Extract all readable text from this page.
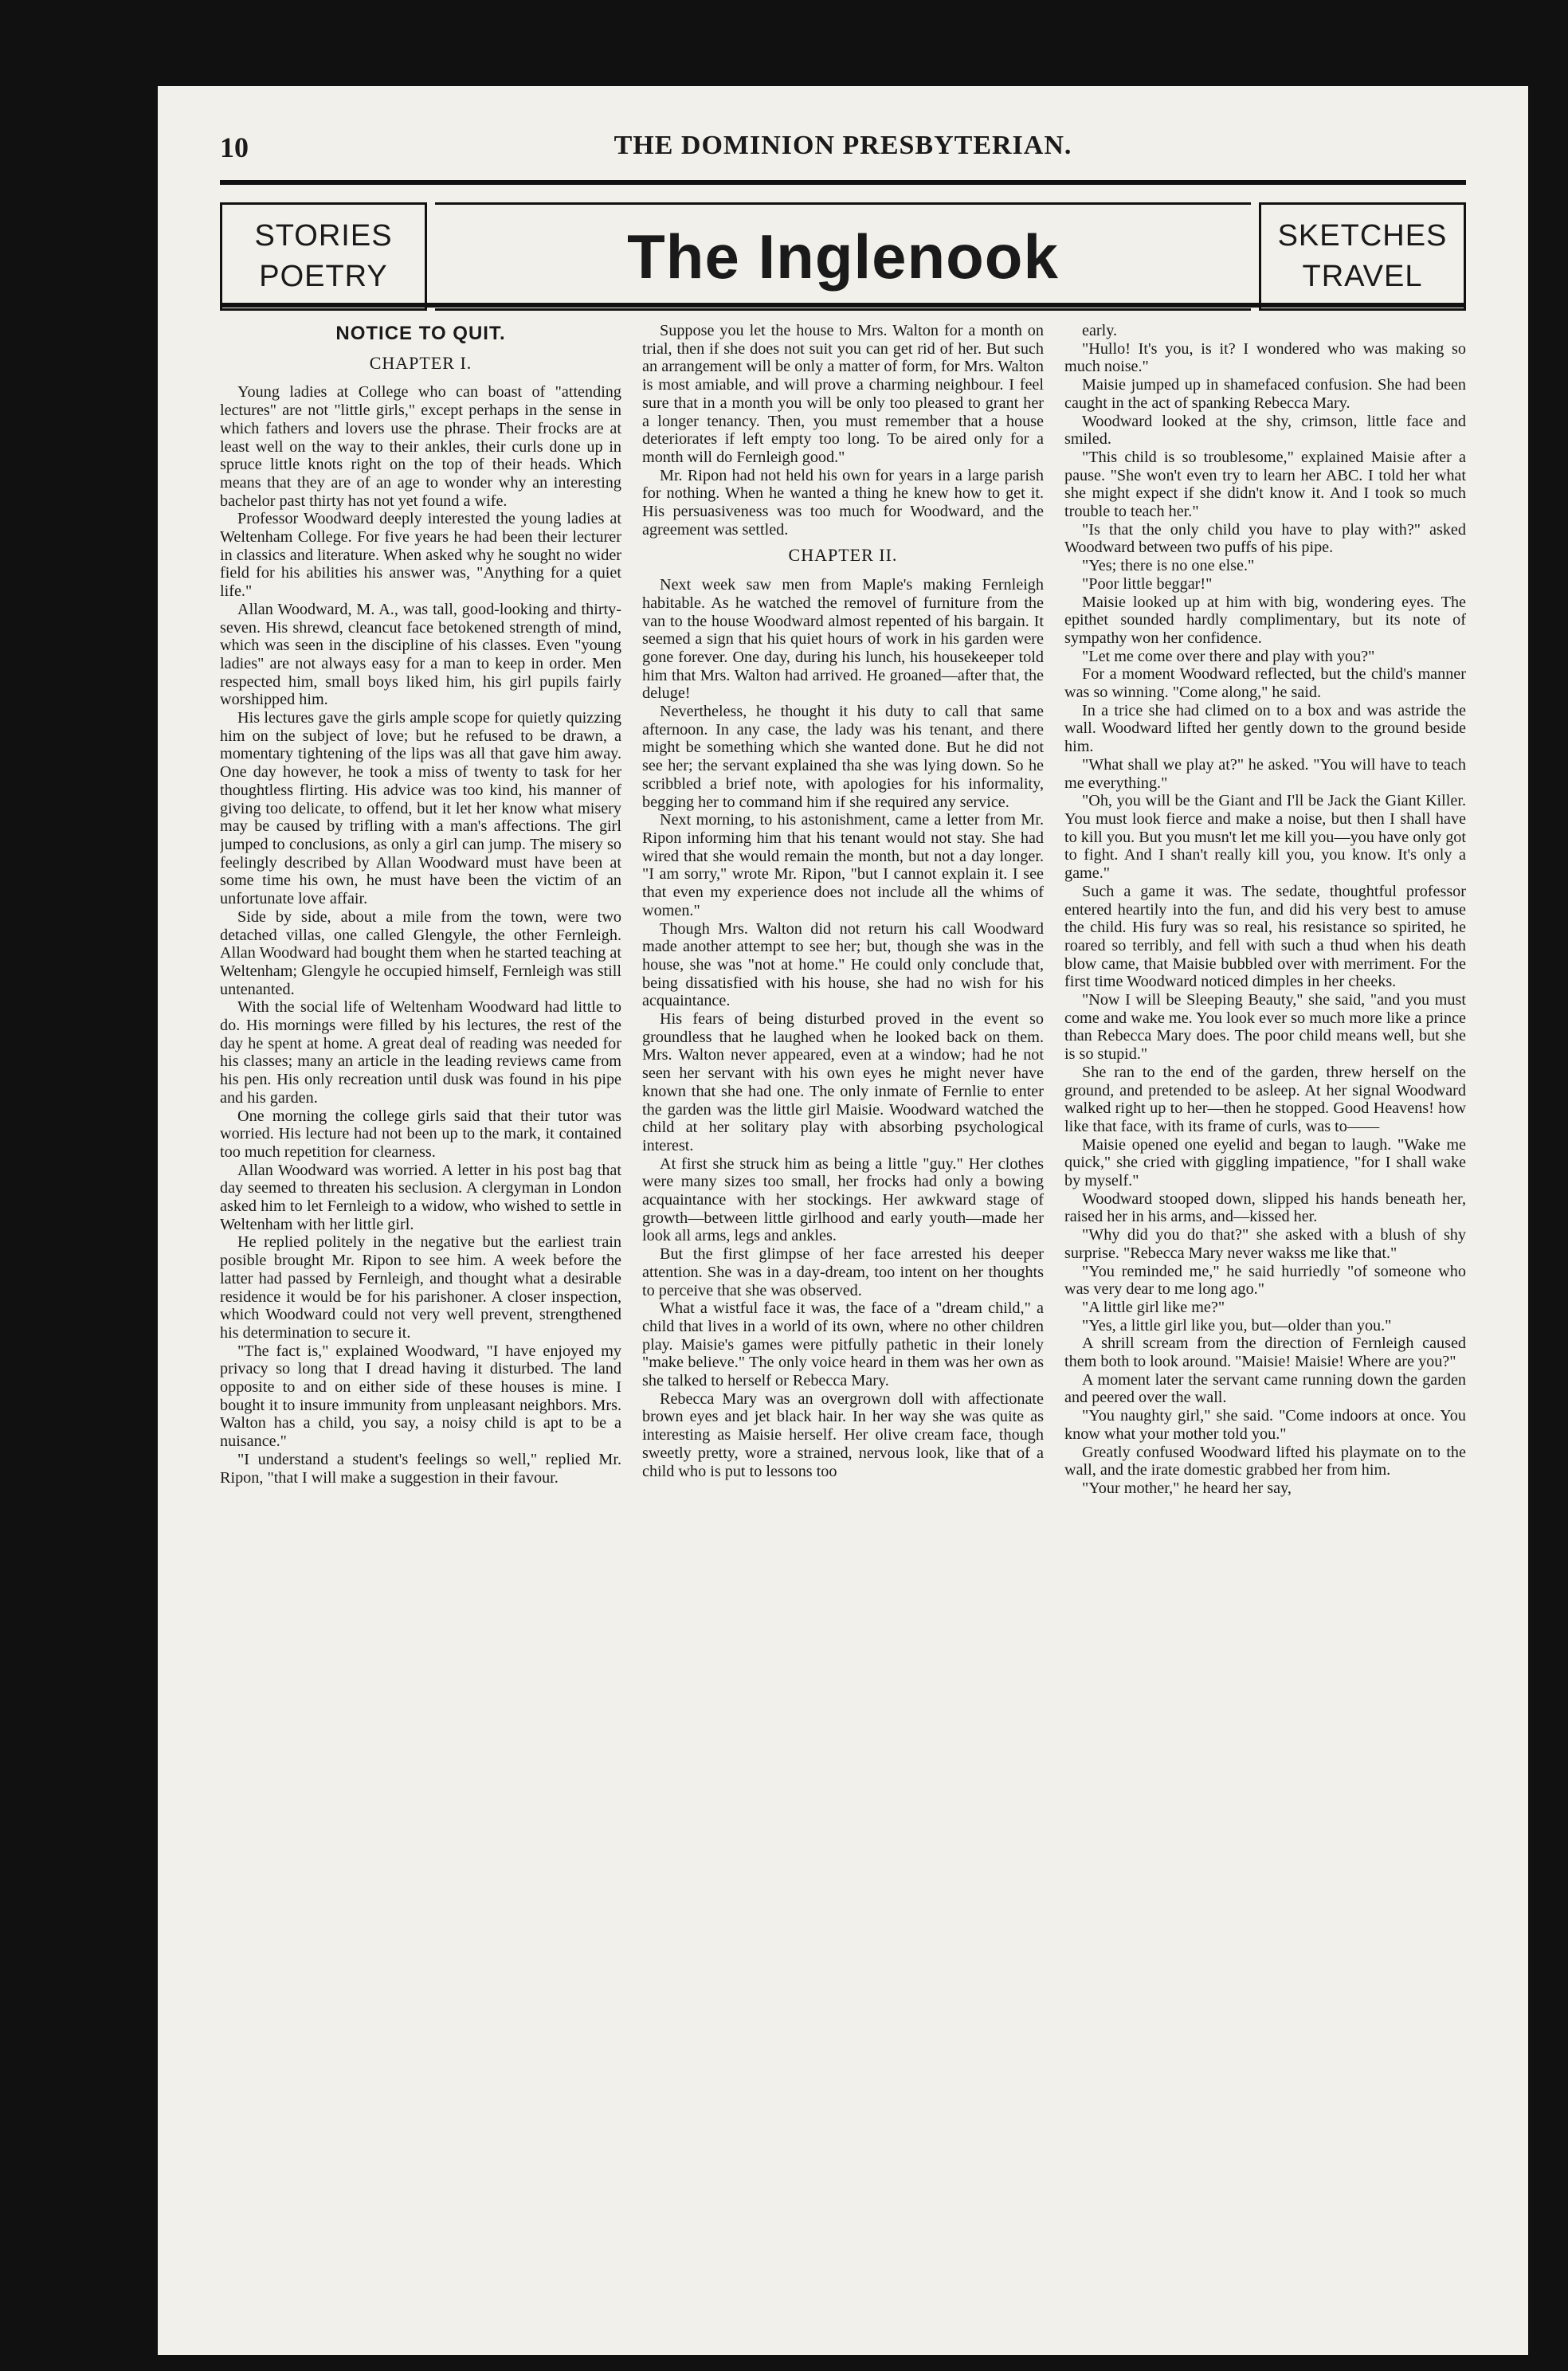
10	THE DOMINION PRESBYTERIAN.
STORIES
POETRY	The Inglenook	SKETCHES
TRAVEL
NOTICE TO QUIT.
CHAPTER I.

Young ladies at College who can boast of "attending lectures" are not "little girls," except perhaps in the sense in which fathers and lovers use the phrase. Their frocks are at least well on the way to their ankles, their curls done up in spruce little knots right on the top of their heads. Which means that they are of an age to wonder why an interesting bachelor past thirty has not yet found a wife.

Professor Woodward deeply interested the young ladies at Weltenham College. For five years he had been their lecturer in classics and literature. When asked why he sought no wider field for his abilities his answer was, "Anything for a quiet life."

Allan Woodward, M. A., was tall, good-looking and thirty-seven. His shrewd, cleancut face betokened strength of mind, which was seen in the discipline of his classes. Even "young ladies" are not always easy for a man to keep in order. Men respected him, small boys liked him, his girl pupils fairly worshipped him.

His lectures gave the girls ample scope for quietly quizzing him on the subject of love; but he refused to be drawn, a momentary tightening of the lips was all that gave him away. One day however, he took a miss of twenty to task for her thoughtless flirting. His advice was too kind, his manner of giving too delicate, to offend, but it let her know what misery may be caused by trifling with a man's affections. The girl jumped to conclusions, as only a girl can jump. The misery so feelingly described by Allan Woodward must have been at some time his own, he must have been the victim of an unfortunate love affair.

Side by side, about a mile from the town, were two detached villas, one called Glengyle, the other Fernleigh. Allan Woodward had bought them when he started teaching at Weltenham; Glengyle he occupied himself, Fernleigh was still untenanted.

With the social life of Weltenham Woodward had little to do. His mornings were filled by his lectures, the rest of the day he spent at home. A great deal of reading was needed for his classes; many an article in the leading reviews came from his pen. His only recreation until dusk was found in his pipe and his garden.

One morning the college girls said that their tutor was worried. His lecture had not been up to the mark, it contained too much repetition for clearness.

Allan Woodward was worried. A letter in his post bag that day seemed to threaten his seclusion. A clergyman in London asked him to let Fernleigh to a widow, who wished to settle in Weltenham with her little girl.

He replied politely in the negative but the earliest train posible brought Mr. Ripon to see him. A week before the latter had passed by Fernleigh, and thought what a desirable residence it would be for his parishoner. A closer inspection, which Woodward could not very well prevent, strengthened his determination to secure it.

"The fact is," explained Woodward, "I have enjoyed my privacy so long that I dread having it disturbed. The land opposite to and on either side of these houses is mine. I bought it to insure immunity from unpleasant neighbors. Mrs. Walton has a child, you say, a noisy child is apt to be a nuisance."

"I understand a student's feelings so well," replied Mr. Ripon, "that I will make a suggestion in their favour.

Suppose you let the house to Mrs. Walton for a month on trial, then if she does not suit you can get rid of her. But such an arrangement will be only a matter of form, for Mrs. Walton is most amiable, and will prove a charming neighbour. I feel sure that in a month you will be only too pleased to grant her a longer tenancy. Then, you must remember that a house deteriorates if left empty too long. To be aired only for a month will do Fernleigh good."

Mr. Ripon had not held his own for years in a large parish for nothing. When he wanted a thing he knew how to get it. His persuasiveness was too much for Woodward, and the agreement was settled.

CHAPTER II.

Next week saw men from Maple's making Fernleigh habitable. As he watched the removel of furniture from the van to the house Woodward almost repented of his bargain. It seemed a sign that his quiet hours of work in his garden were gone forever. One day, during his lunch, his housekeeper told him that Mrs. Walton had arrived. He groaned—after that, the deluge!

Nevertheless, he thought it his duty to call that same afternoon. In any case, the lady was his tenant, and there might be something which she wanted done. But he did not see her; the servant explained tha she was lying down. So he scribbled a brief note, with apologies for his informality, begging her to command him if she required any service.

Next morning, to his astonishment, came a letter from Mr. Ripon informing him that his tenant would not stay. She had wired that she would remain the month, but not a day longer. "I am sorry," wrote Mr. Ripon, "but I cannot explain it. I see that even my experience does not include all the whims of women."

Though Mrs. Walton did not return his call Woodward made another attempt to see her; but, though she was in the house, she was "not at home." He could only conclude that, being dissatisfied with his house, she had no wish for his acquaintance.

His fears of being disturbed proved in the event so groundless that he laughed when he looked back on them. Mrs. Walton never appeared, even at a window; had he not seen her servant with his own eyes he might never have known that she had one. The only inmate of Fernlie to enter the garden was the little girl Maisie. Woodward watched the child at her solitary play with absorbing psychological interest.

At first she struck him as being a little "guy." Her clothes were many sizes too small, her frocks had only a bowing acquaintance with her stockings. Her awkward stage of growth—between little girlhood and early youth—made her look all arms, legs and ankles.

But the first glimpse of her face arrested his deeper attention. She was in a day-dream, too intent on her thoughts to perceive that she was observed.

What a wistful face it was, the face of a "dream child," a child that lives in a world of its own, where no other children play. Maisie's games were pitfully pathetic in their lonely "make believe." The only voice heard in them was her own as she talked to herself or Rebecca Mary.

Rebecca Mary was an overgrown doll with affectionate brown eyes and jet black hair. In her way she was quite as interesting as Maisie herself. Her olive cream face, though sweetly pretty, wore a strained, nervous look, like that of a child who is put to lessons too

early.

"Hullo! It's you, is it? I wondered who was making so much noise."

Maisie jumped up in shamefaced confusion. She had been caught in the act of spanking Rebecca Mary.

Woodward looked at the shy, crimson, little face and smiled.

"This child is so troublesome," explained Maisie after a pause. "She won't even try to learn her ABC. I told her what she might expect if she didn't know it. And I took so much trouble to teach her."

"Is that the only child you have to play with?" asked Woodward between two puffs of his pipe.

"Yes; there is no one else."

"Poor little beggar!"

Maisie looked up at him with big, wondering eyes. The epithet sounded hardly complimentary, but its note of sympathy won her confidence.

"Let me come over there and play with you?"

For a moment Woodward reflected, but the child's manner was so winning. "Come along," he said.

In a trice she had climed on to a box and was astride the wall. Woodward lifted her gently down to the ground beside him.

"What shall we play at?" he asked. "You will have to teach me everything."

"Oh, you will be the Giant and I'll be Jack the Giant Killer. You must look fierce and make a noise, but then I shall have to kill you. But you musn't let me kill you—you have only got to fight. And I shan't really kill you, you know. It's only a game."

Such a game it was. The sedate, thoughtful professor entered heartily into the fun, and did his very best to amuse the child. His fury was so real, his resistance so spirited, he roared so terribly, and fell with such a thud when his death blow came, that Maisie bubbled over with merriment. For the first time Woodward noticed dimples in her cheeks.

"Now I will be Sleeping Beauty," she said, "and you must come and wake me. You look ever so much more like a prince than Rebecca Mary does. The poor child means well, but she is so stupid."

She ran to the end of the garden, threw herself on the ground, and pretended to be asleep. At her signal Woodward walked right up to her—then he stopped. Good Heavens! how like that face, with its frame of curls, was to——

Maisie opened one eyelid and began to laugh. "Wake me quick," she cried with giggling impatience, "for I shall wake by myself."

Woodward stooped down, slipped his hands beneath her, raised her in his arms, and—kissed her.

"Why did you do that?" she asked with a blush of shy surprise. "Rebecca Mary never wakss me like that."

"You reminded me," he said hurriedly "of someone who was very dear to me long ago."

"A little girl like me?"

"Yes, a little girl like you, but—older than you."

A shrill scream from the direction of Fernleigh caused them both to look around. "Maisie! Maisie! Where are you?"

A moment later the servant came running down the garden and peered over the wall.

"You naughty girl," she said. "Come indoors at once. You know what your mother told you."

Greatly confused Woodward lifted his playmate on to the wall, and the irate domestic grabbed her from him.

"Your mother," he heard her say,
